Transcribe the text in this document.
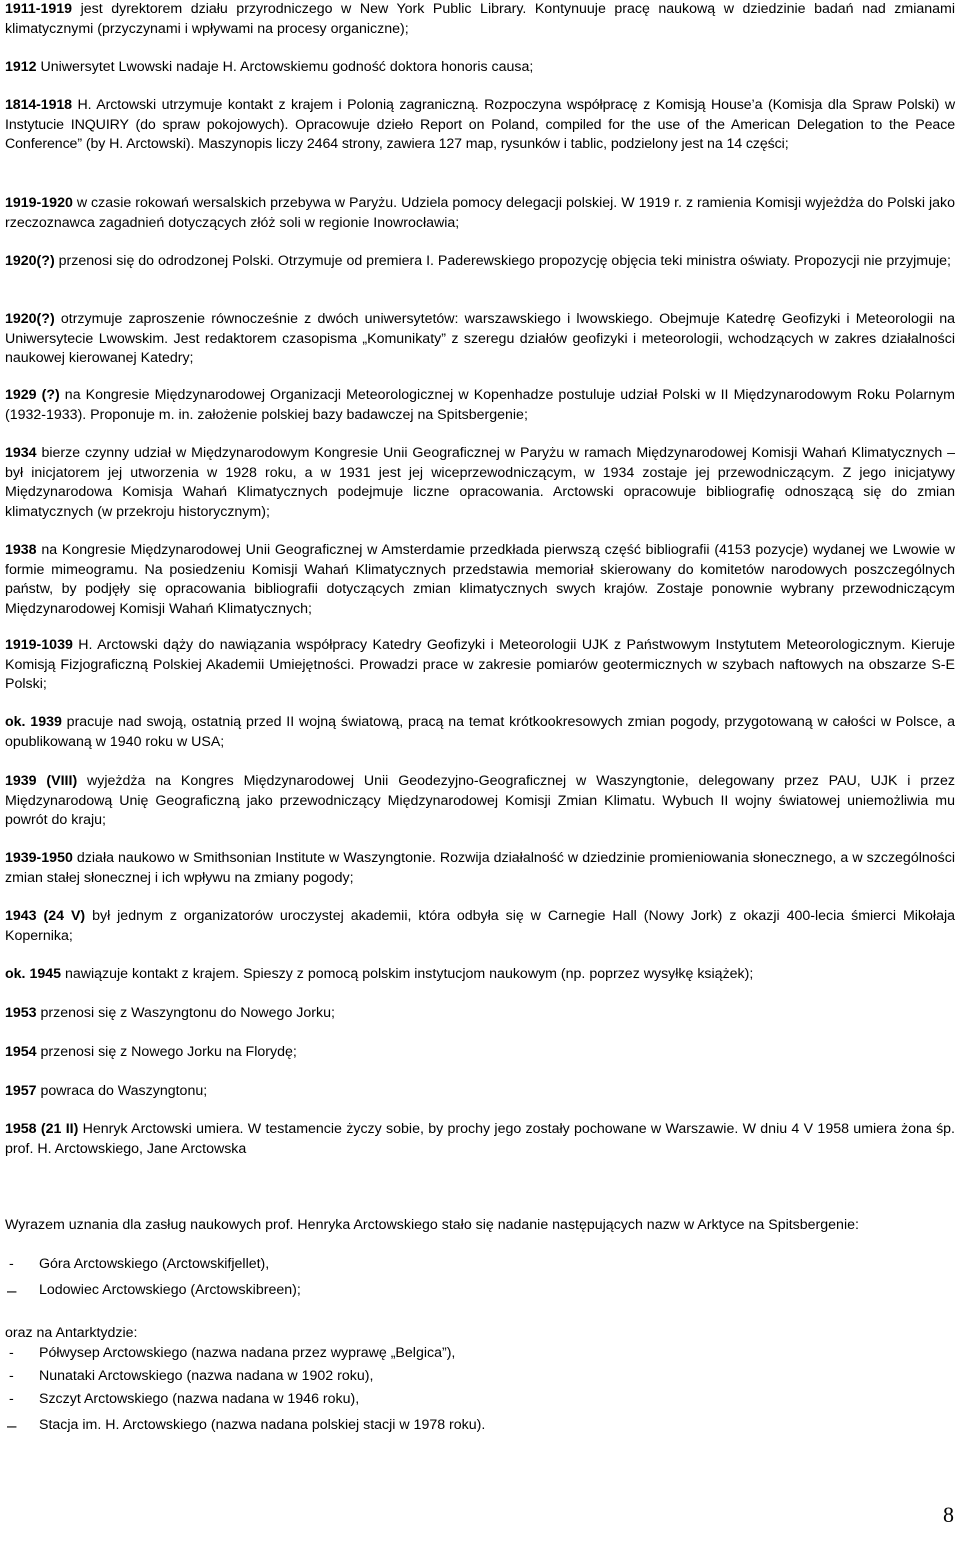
1911-1919 jest dyrektorem działu przyrodniczego w New York Public Library. Kontynuuje pracę naukową w dziedzinie badań nad zmianami klimatycznymi (przyczynami i wpływami na procesy organiczne);

1912 Uniwersytet Lwowski nadaje H. Arctowskiemu godność doktora honoris causa;

1814-1918 H. Arctowski utrzymuje kontakt z krajem i Polonią zagraniczną. Rozpoczyna współpracę z Komisją House’a (Komisja dla Spraw Polski) w Instytucie INQUIRY (do spraw pokojowych). Opracowuje dzieło Report on Poland, compiled for the use of the American Delegation to the Peace Conference” (by H. Arctowski). Maszynopis liczy 2464 strony, zawiera 127 map, rysunków i tablic, podzielony jest na 14 części;

1919-1920 w czasie rokowań wersalskich przebywa w Paryżu. Udziela pomocy delegacji polskiej. W 1919 r. z ramienia Komisji wyjeżdża do Polski jako rzeczoznawca zagadnień dotyczących złóż soli w regionie Inowrocławia;

1920(?) przenosi się do odrodzonej Polski. Otrzymuje od premiera I. Paderewskiego propozycję objęcia teki ministra oświaty. Propozycji nie przyjmuje;

1920(?) otrzymuje zaproszenie równocześnie z dwóch uniwersytetów: warszawskiego i lwowskiego. Obejmuje Katedrę Geofizyki i Meteorologii na Uniwersytecie Lwowskim. Jest redaktorem czasopisma „Komunikaty” z szeregu działów geofizyki i meteorologii, wchodzących w zakres działalności naukowej kierowanej Katedry;

1929 (?) na Kongresie Międzynarodowej Organizacji Meteorologicznej w Kopenhadze postuluje udział Polski w II Międzynarodowym Roku Polarnym (1932-1933). Proponuje m. in. założenie polskiej bazy badawczej na Spitsbergenie;

1934 bierze czynny udział w Międzynarodowym Kongresie Unii Geograficznej w Paryżu w ramach Międzynarodowej Komisji Wahań Klimatycznych – był inicjatorem jej utworzenia w 1928 roku, a w 1931 jest jej wiceprzewodniczącym, w 1934 zostaje jej przewodniczącym. Z jego inicjatywy Międzynarodowa Komisja Wahań Klimatycznych podejmuje liczne opracowania. Arctowski opracowuje bibliografię odnoszącą się do zmian klimatycznych (w przekroju historycznym);

1938 na Kongresie Międzynarodowej Unii Geograficznej w Amsterdamie przedkłada pierwszą część bibliografii (4153 pozycje) wydanej we Lwowie w formie mimeogramu. Na posiedzeniu Komisji Wahań Klimatycznych przedstawia memoriał skierowany do komitetów narodowych poszczególnych państw, by podjęły się opracowania bibliografii dotyczących zmian klimatycznych swych krajów. Zostaje ponownie wybrany przewodniczącym Międzynarodowej Komisji Wahań Klimatycznych;

1919-1039 H. Arctowski dąży do nawiązania współpracy Katedry Geofizyki i Meteorologii UJK z Państwowym Instytutem Meteorologicznym. Kieruje Komisją Fizjograficzną Polskiej Akademii Umiejętności. Prowadzi prace w zakresie pomiarów geotermicznych w szybach naftowych na obszarze S-E Polski;

ok. 1939 pracuje nad swoją, ostatnią przed II wojną światową, pracą na temat krótkookresowych zmian pogody, przygotowaną w całości w Polsce, a opublikowaną w 1940 roku w USA;

1939 (VIII) wyjeżdża na Kongres Międzynarodowej Unii Geodezyjno-Geograficznej w Waszyngtonie, delegowany przez PAU, UJK i przez Międzynarodową Unię Geograficzną jako przewodniczący Międzynarodowej Komisji Zmian Klimatu. Wybuch II wojny światowej uniemożliwia mu powrót do kraju;

1939-1950 działa naukowo w Smithsonian Institute w Waszyngtonie. Rozwija działalność w dziedzinie promieniowania słonecznego, a w szczególności zmian stałej słonecznej i ich wpływu na zmiany pogody;

1943 (24 V) był jednym z organizatorów uroczystej akademii, która odbyła się w Carnegie Hall (Nowy Jork) z okazji 400-lecia śmierci Mikołaja Kopernika;

ok. 1945 nawiązuje kontakt z krajem. Spieszy z pomocą polskim instytucjom naukowym (np. poprzez wysyłkę książek);

1953 przenosi się z Waszyngtonu do Nowego Jorku;

1954 przenosi się z Nowego Jorku na Florydę;

1957 powraca do Waszyngtonu;

1958 (21 II) Henryk Arctowski umiera. W testamencie życzy sobie, by prochy jego zostały pochowane w Warszawie. W dniu 4 V 1958 umiera żona śp. prof. H. Arctowskiego, Jane Arctowska

Wyrazem uznania dla zasług naukowych prof. Henryka Arctowskiego stało się nadanie następujących nazw w Arktyce na Spitsbergenie:

- Góra Arctowskiego (Arctowskifjellet),
– Lodowiec Arctowskiego (Arctowskibreen);

oraz na Antarktydzie:

- Półwysep Arctowskiego (nazwa nadana przez wyprawę „Belgica”),
- Nunataki Arctowskiego (nazwa nadana w 1902 roku),
- Szczyt Arctowskiego (nazwa nadana w 1946 roku),
– Stacja im. H. Arctowskiego (nazwa nadana polskiej stacji w 1978 roku).
8
